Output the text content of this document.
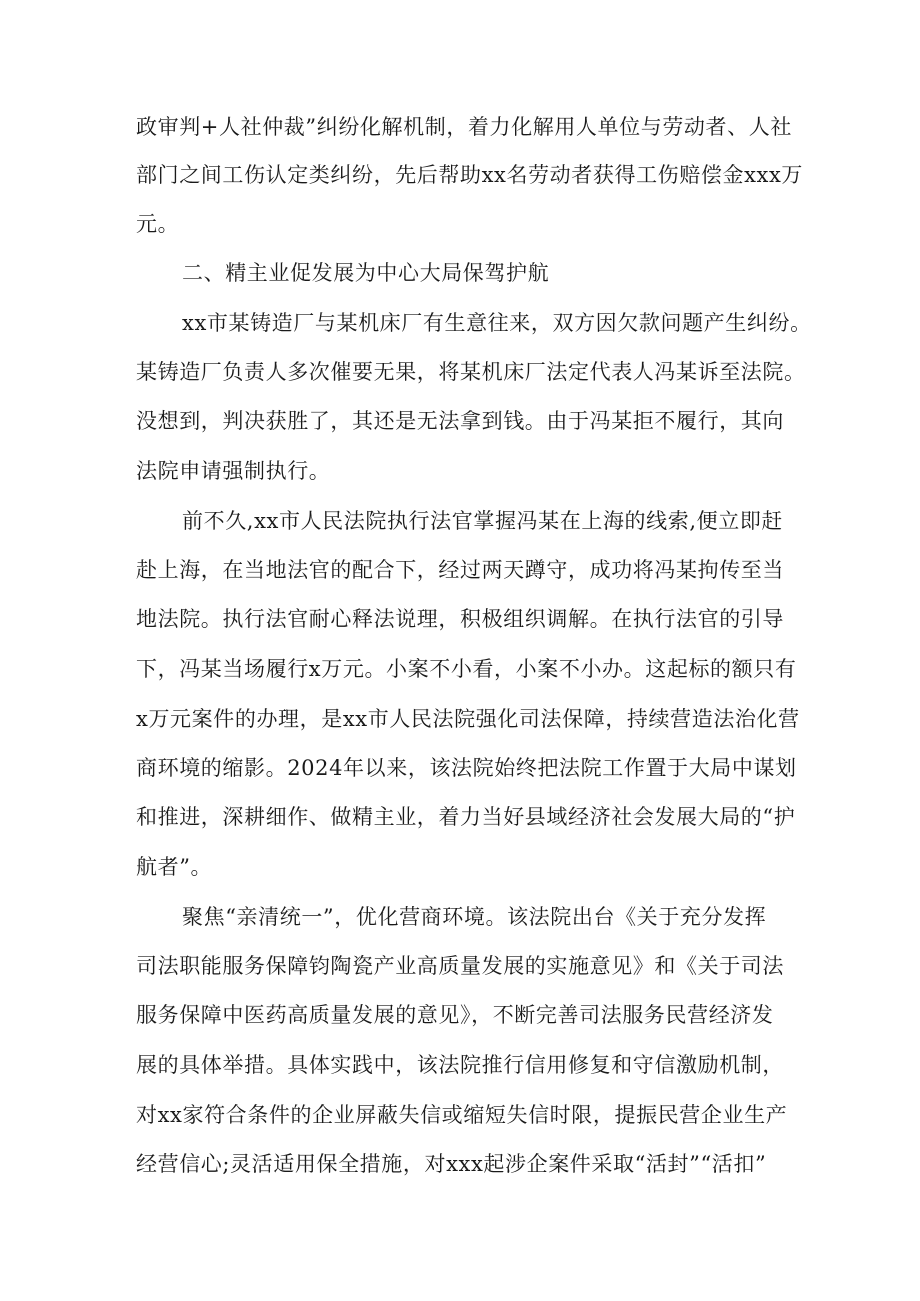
政审判+人社仲裁”纠纷化解机制，着力化解用人单位与劳动者、人社
部门之间工伤认定类纠纷，先后帮助xx名劳动者获得工伤赔偿金xxx万
元。
二、精主业促发展为中心大局保驾护航
xx市某铸造厂与某机床厂有生意往来，双方因欠款问题产生纠纷。
某铸造厂负责人多次催要无果，将某机床厂法定代表人冯某诉至法院。
没想到，判决获胜了，其还是无法拿到钱。由于冯某拒不履行，其向
法院申请强制执行。
前不久,xx市人民法院执行法官掌握冯某在上海的线索,便立即赶
赴上海，在当地法官的配合下，经过两天蹲守，成功将冯某拘传至当
地法院。执行法官耐心释法说理，积极组织调解。在执行法官的引导
下，冯某当场履行x万元。小案不小看，小案不小办。这起标的额只有
x万元案件的办理，是xx市人民法院强化司法保障，持续营造法治化营
商环境的缩影。2024年以来，该法院始终把法院工作置于大局中谋划
和推进，深耕细作、做精主业，着力当好县域经济社会发展大局的“护
航者”。
聚焦“亲清统一”，优化营商环境。该法院出台《关于充分发挥
司法职能服务保障钧陶瓷产业高质量发展的实施意见》和《关于司法
服务保障中医药高质量发展的意见》，不断完善司法服务民营经济发
展的具体举措。具体实践中，该法院推行信用修复和守信激励机制，
对xx家符合条件的企业屏蔽失信或缩短失信时限，提振民营企业生产
经营信心;灵活适用保全措施，对xxx起涉企案件采取“活封”“活扣”
